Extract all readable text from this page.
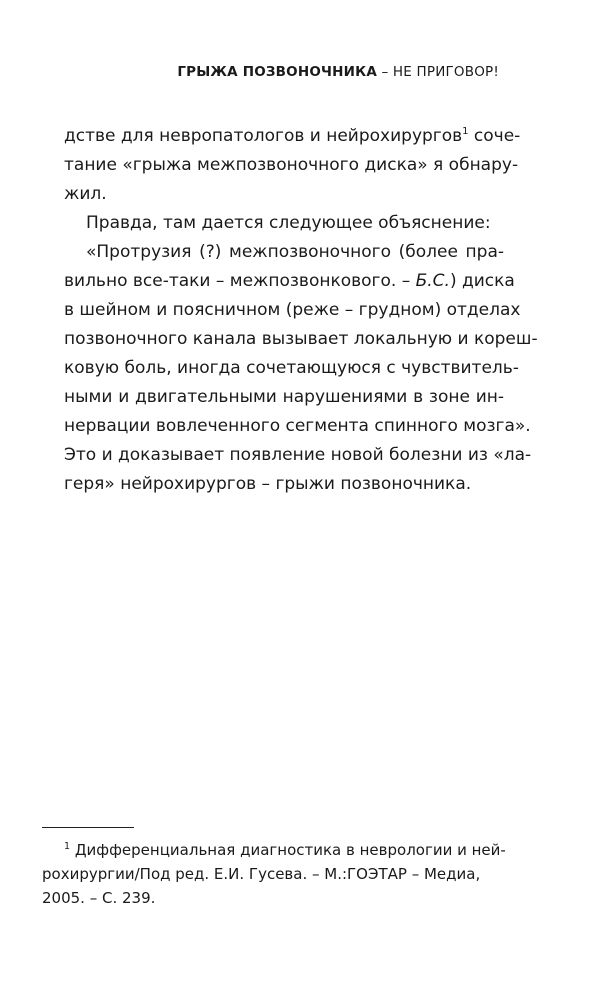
ГРЫЖА ПОЗВОНОЧНИКА – НЕ ПРИГОВОР!
дстве для невропатологов и нейрохирургов$^1$ соче-
тание «грыжа межпозвоночного диска» я обнару-
жил.
Правда, там дается следующее объяснение:
«Протрузия (?) межпозвоночного (более пра-
вильно все-таки – межпозвонкового. – Б.С.) диска
в шейном и поясничном (реже – грудном) отделах
позвоночного канала вызывает локальную и кореш-
ковую боль, иногда сочетающуюся с чувствитель-
ными и двигательными нарушениями в зоне ин-
нервации вовлеченного сегмента спинного мозга».
Это и доказывает появление новой болезни из «ла-
геря» нейрохирургов – грыжи позвоночника.
$^1$ Дифференциальная диагностика в неврологии и ней-
рохирургии/Под ред. Е.И. Гусева. – М.:ГОЭТАР – Медиа,
2005. – С. 239.
